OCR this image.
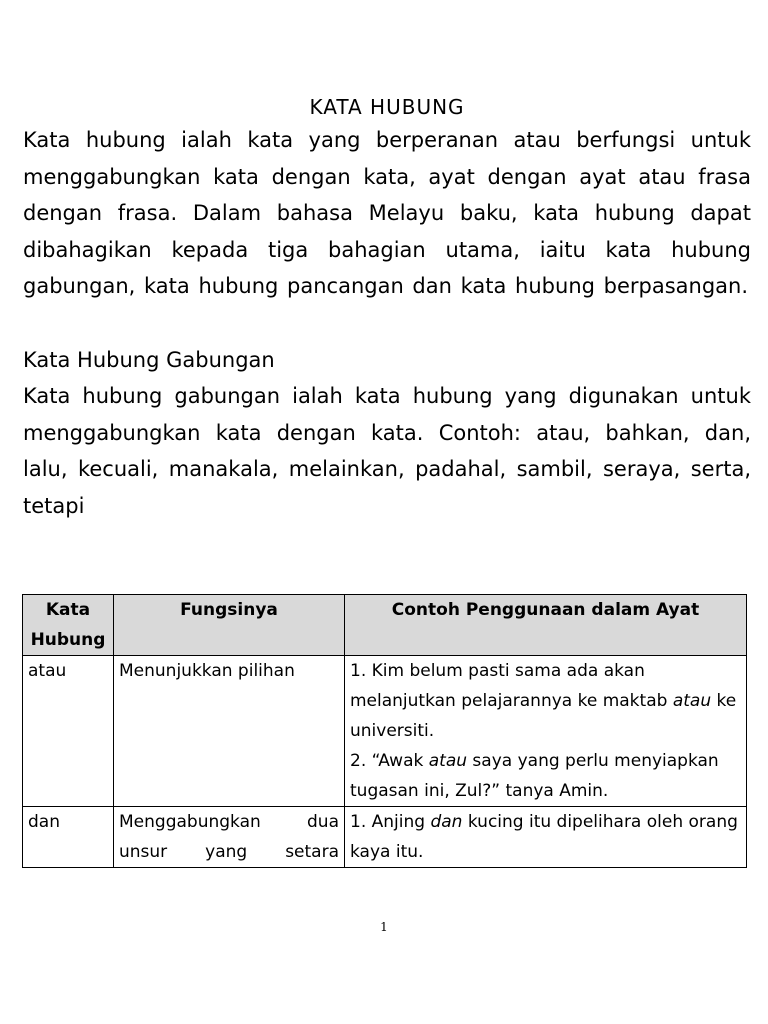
KATA HUBUNG

Kata hubung ialah kata yang berperanan atau berfungsi untuk menggabungkan kata dengan kata, ayat dengan ayat atau frasa dengan frasa. Dalam bahasa Melayu baku, kata hubung dapat dibahagikan kepada tiga bahagian utama, iaitu kata hubung gabungan, kata hubung pancangan dan kata hubung berpasangan.

Kata Hubung Gabungan

Kata hubung gabungan ialah kata hubung yang digunakan untuk menggabungkan kata dengan kata. Contoh: atau, bahkan, dan, lalu, kecuali, manakala, melainkan, padahal, sambil, seraya, serta, tetapi

Kata
Hubung	Fungsinya	Contoh Penggunaan dalam Ayat
atau	Menunjukkan pilihan	1. Kim belum pasti sama ada akan melanjutkan pelajarannya ke maktab atau ke universiti.
2. “Awak atau saya yang perlu menyiapkan tugasan ini, Zul?” tanya Amin.

dan	Menggabungkan dua unsur yang setara	1. Anjing dan kucing itu dipelihara oleh orang kaya itu.
1
